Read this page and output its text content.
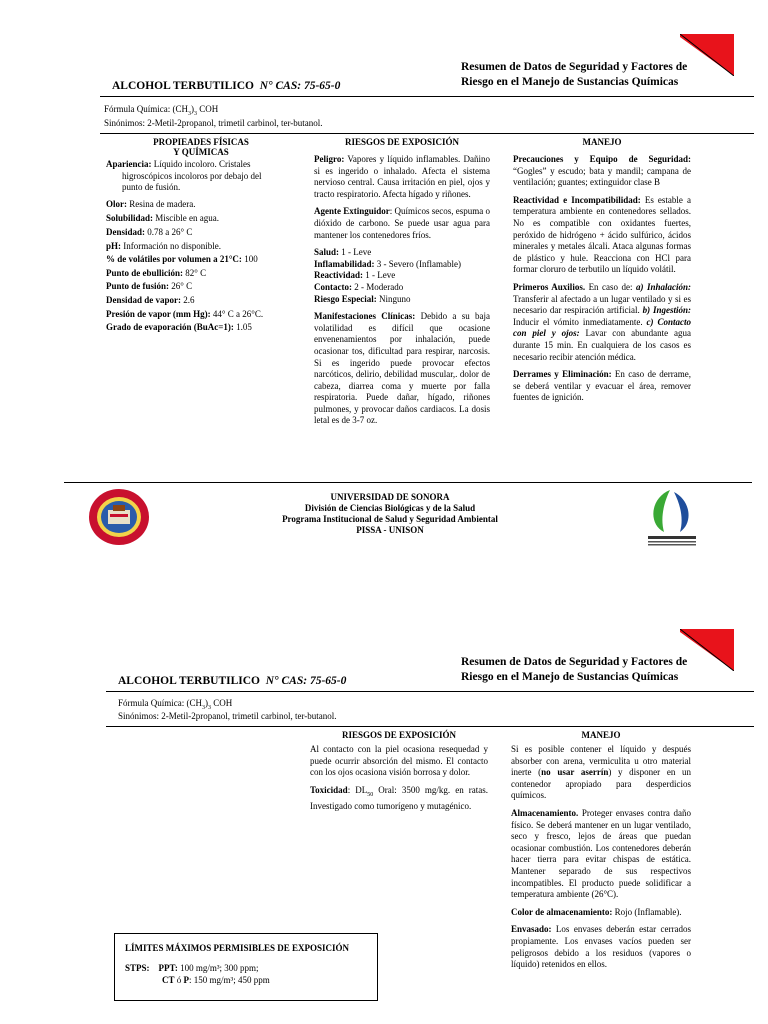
Resumen de Datos de Seguridad y Factores de
Riesgo en el Manejo de Sustancias Químicas
ALCOHOL TERBUTILICO N° CAS: 75-65-0
Fórmula Química: $(CH_3)_3$ COH
Sinónimos: 2-Metil-2propanol, trimetil carbinol, ter-butanol.
PROPIEADES FÍSICAS
Y QUÍMICAS
Apariencia: Líquido incoloro. Cristales
higroscópicos incoloros por debajo del
punto de fusión.
Olor: Resina de madera.
Solubilidad: Miscible en agua.
Densidad: 0.78 a 26° C
pH: Información no disponible.
% de volátiles por volumen a 21°C: 100
Punto de ebullición: 82° C
Punto de fusión: 26° C
Densidad de vapor: 2.6
Presión de vapor (mm Hg): 44° C a 26°C.
Grado de evaporación (BuAc=1): 1.05
RIESGOS DE EXPOSICIÓN
Peligro: Vapores y líquido inflamables. Dañino si es ingerido o inhalado. Afecta el sistema nervioso central. Causa irritación en piel, ojos y tracto respiratorio. Afecta hígado y riñones.
Agente Extinguidor: Químicos secos, espuma o dióxido de carbono. Se puede usar agua para mantener los contenedores fríos.
Salud: 1 - Leve
Inflamabilidad: 3 - Severo (Inflamable)
Reactividad: 1 - Leve
Contacto: 2 - Moderado
Riesgo Especial: Ninguno
Manifestaciones Clínicas: Debido a su baja volatilidad es difícil que ocasione envenenamientos por inhalación, puede ocasionar tos, dificultad para respirar, narcosis. Si es ingerido puede provocar efectos narcóticos, delirio, debilidad muscular,. dolor de cabeza, diarrea coma y muerte por falla respiratoria. Puede dañar, hígado, riñones pulmones, y provocar daños cardiacos. La dosis letal es de 3-7 oz.
MANEJO
Precauciones y Equipo de Seguridad: “Gogles” y escudo; bata y mandil; campana de ventilación; guantes; extinguidor clase B
Reactividad e Incompatibilidad: Es estable a temperatura ambiente en contenedores sellados. No es compatible con oxidantes fuertes, peróxido de hidrógeno + ácido sulfúrico, ácidos minerales y metales álcali. Ataca algunas formas de plástico y hule. Reacciona con HCl para formar cloruro de terbutilo un líquido volátil.
Primeros Auxilios. En caso de: a) Inhalación: Transferir al afectado a un lugar ventilado y si es necesario dar respiración artificial. b) Ingestión: Inducir el vómito inmediatamente. c) Contacto con piel y ojos: Lavar con abundante agua durante 15 min. En cualquiera de los casos es necesario recibir atención médica.
Derrames y Eliminación: En caso de derrame, se deberá ventilar y evacuar el área, remover fuentes de ignición.
UNIVERSIDAD DE SONORA
División de Ciencias Biológicas y de la Salud
Programa Institucional de Salud y Seguridad Ambiental
PISSA - UNISON
Resumen de Datos de Seguridad y Factores de
Riesgo en el Manejo de Sustancias Químicas
ALCOHOL TERBUTILICO N° CAS: 75-65-0
Fórmula Química: $(CH_3)_3$ COH
Sinónimos: 2-Metil-2propanol, trimetil carbinol, ter-butanol.
RIESGOS DE EXPOSICIÓN
Al contacto con la piel ocasiona resequedad y puede ocurrir absorción del mismo. El contacto con los ojos ocasiona visión borrosa y dolor.
Toxicidad: $DL_{50}$ Oral: 3500 mg/kg. en ratas. Investigado como tumorígeno y mutagénico.
MANEJO
Si es posible contener el líquido y después absorber con arena, vermiculita u otro material inerte (no usar aserrín) y disponer en un contenedor apropiado para desperdicios químicos.
Almacenamiento. Proteger envases contra daño físico. Se deberá mantener en un lugar ventilado, seco y fresco, lejos de áreas que puedan ocasionar combustión. Los contenedores deberán hacer tierra para evitar chispas de estática. Mantener separado de sus respectivos incompatibles. El producto puede solidificar a temperatura ambiente (26°C).
Color de almacenamiento: Rojo (Inflamable).
Envasado: Los envases deberán estar cerrados propiamente. Los envases vacíos pueden ser peligrosos debido a los residuos (vapores o líquido) retenidos en ellos.
LÍMITES MÁXIMOS PERMISIBLES DE EXPOSICIÓN
STPS: PPT: 100 mg/m³; 300 ppm;
CT ó P: 150 mg/m³; 450 ppm
